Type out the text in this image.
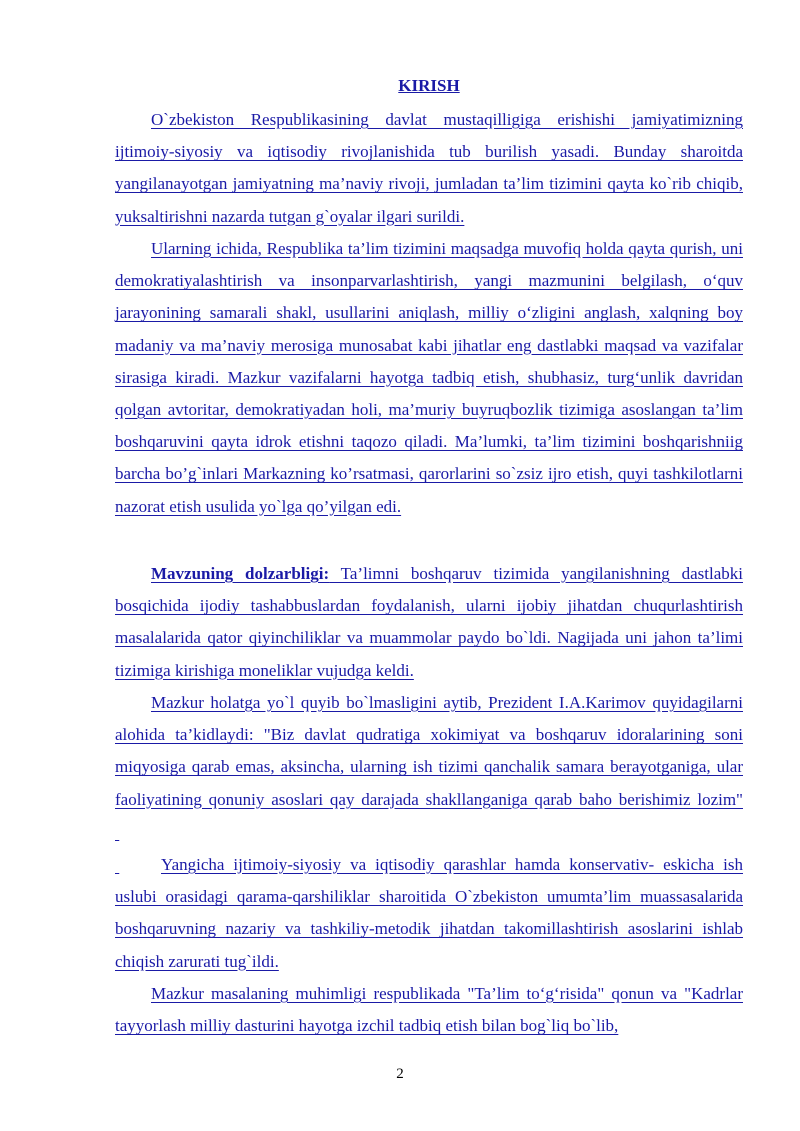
KIRISH
O`zbekiston Respublikasining davlat mustaqilligiga erishishi jamiyatimizning ijtimoiy-siyosiy va iqtisodiy rivojlanishida tub burilish yasadi. Bunday sharoitda yangilanayotgan jamiyatning ma’naviy rivoji, jumladan ta’lim tizimini qayta ko`rib chiqib, yuksaltirishni nazarda tutgan g`oyalar ilgari surildi.
Ularning ichida, Respublika ta’lim tizimini maqsadga muvofiq holda qayta qurish, uni demokratiyalashtirish va insonparvarlashtirish, yangi mazmunini belgilash, o‘quv jarayonining samarali shakl, usullarini aniqlash, milliy o‘zligini anglash, xalqning boy madaniy va ma’naviy merosiga munosabat kabi jihatlar eng dastlabki maqsad va vazifalar sirasiga kiradi. Mazkur vazifalarni hayotga tadbiq etish, shubhasiz, turg‘unlik davridan qolgan avtoritar, demokratiyadan holi, ma’muriy buyruqbozlik tizimiga asoslangan ta’lim boshqaruvini qayta idrok etishni taqozo qiladi. Ma’lumki, ta’lim tizimini boshqarishniig barcha bo’g`inlari Markazning ko’rsatmasi, qarorlarini so`zsiz ijro etish, quyi tashkilotlarni nazorat etish usulida yo`lga qo’yilgan edi.
Mavzuning dolzarbligi: Ta’limni boshqaruv tizimida yangilanishning dastlabki bosqichida ijodiy tashabbuslardan foydalanish, ularni ijobiy jihatdan chuqurlashtirish masalalarida qator qiyinchiliklar va muammolar paydo bo`ldi. Nagijada uni jahon ta’limi tizimiga kirishiga moneliklar vujudga keldi.
Mazkur holatga yo`l quyib bo`lmasligini aytib, Prezident I.A.Karimov quyidagilarni alohida ta’kidlaydi: "Biz davlat qudratiga xokimiyat va boshqaruv idoralarining soni miqyosiga qarab emas, aksincha, ularning ish tizimi qanchalik samara berayotganiga, ular faoliyatining qonuniy asoslari qay darajada shakllanganiga qarab baho berishimiz lozim"
Yangicha ijtimoiy-siyosiy va iqtisodiy qarashlar hamda konservativ- eskicha ish uslubi orasidagi qarama-qarshiliklar sharoitida O`zbekiston umumta’lim muassasalarida boshqaruvning nazariy va tashkiliy-metodik jihatdan takomillashtirish asoslarini ishlab chiqish zarurati tug`ildi.
Mazkur masalaning muhimligi respublikada "Ta’lim to‘g‘risida" qonun va "Kadrlar tayyorlash milliy dasturini hayotga izchil tadbiq etish bilan bog`liq bo`lib,
2
